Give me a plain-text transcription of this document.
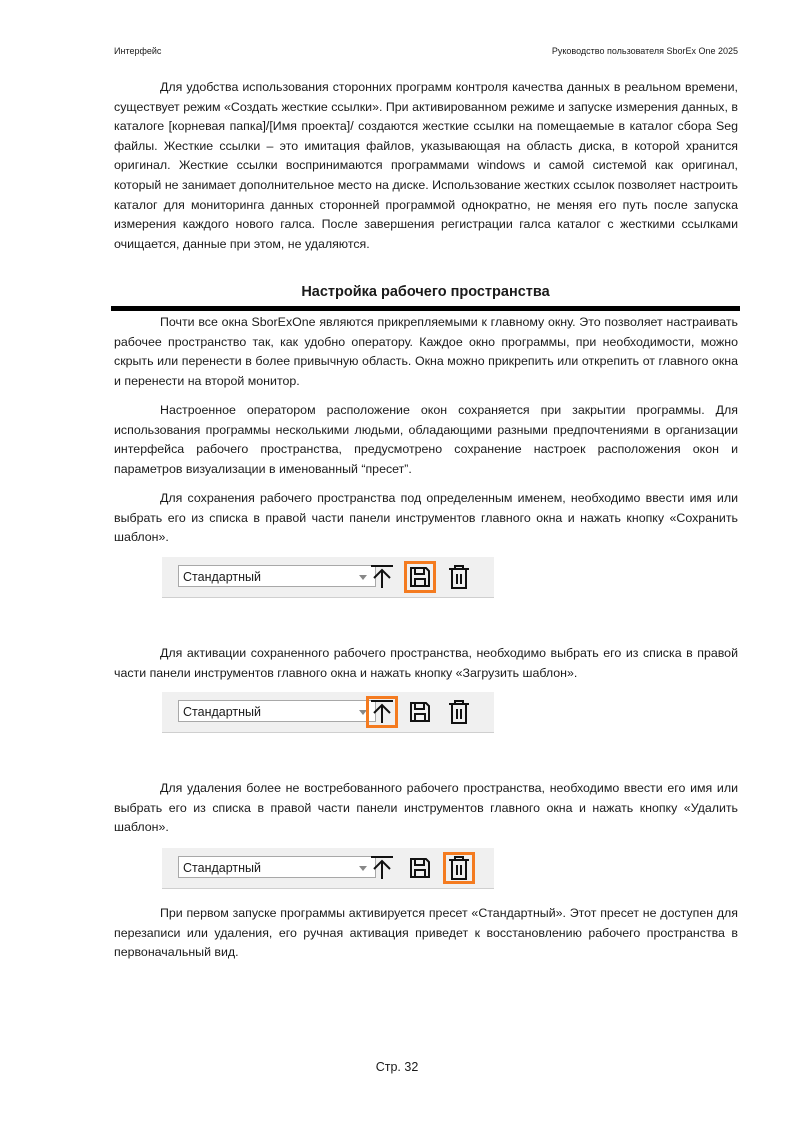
Интерфейс	Руководство пользователя SborEx One 2025

Для удобства использования сторонних программ контроля качества данных в реальном времени, существует режим «Создать жесткие ссылки». При активированном режиме и запуске измерения данных, в каталоге [корневая папка]/[Имя проекта]/ создаются жесткие ссылки на помещаемые в каталог сбора Seg файлы. Жесткие ссылки – это имитация файлов, указывающая на область диска, в которой хранится оригинал. Жесткие ссылки воспринимаются программами windows и самой системой как оригинал, который не занимает дополнительное место на диске. Использование жестких ссылок позволяет настроить каталог для мониторинга данных сторонней программой однократно, не меняя его путь после запуска измерения каждого нового галса. После завершения регистрации галса каталог с жесткими ссылками очищается, данные при этом, не удаляются.

Настройка рабочего пространства

Почти все окна SborExOne являются прикрепляемыми к главному окну. Это позволяет настраивать рабочее пространство так, как удобно оператору. Каждое окно программы, при необходимости, можно скрыть или перенести в более привычную область. Окна можно прикрепить или открепить от главного окна и перенести на второй монитор.

Настроенное оператором расположение окон сохраняется при закрытии программы. Для использования программы несколькими людьми, обладающими разными предпочтениями в организации интерфейса рабочего пространства, предусмотрено сохранение настроек расположения окон и параметров визуализации в именованный “пресет”.

Для сохранения рабочего пространства под определенным именем, необходимо ввести имя или выбрать его из списка в правой части панели инструментов главного окна и нажать кнопку «Сохранить шаблон».

Стандартный

Для активации сохраненного рабочего пространства, необходимо выбрать его из списка в правой части панели инструментов главного окна и нажать кнопку «Загрузить шаблон».

Стандартный

Для удаления более не востребованного рабочего пространства, необходимо ввести его имя или выбрать его из списка в правой части панели инструментов главного окна и нажать кнопку «Удалить шаблон».

Стандартный

При первом запуске программы активируется пресет «Стандартный». Этот пресет не доступен для перезаписи или удаления, его ручная активация приведет к восстановлению рабочего пространства в первоначальный вид.

Стр. 32
